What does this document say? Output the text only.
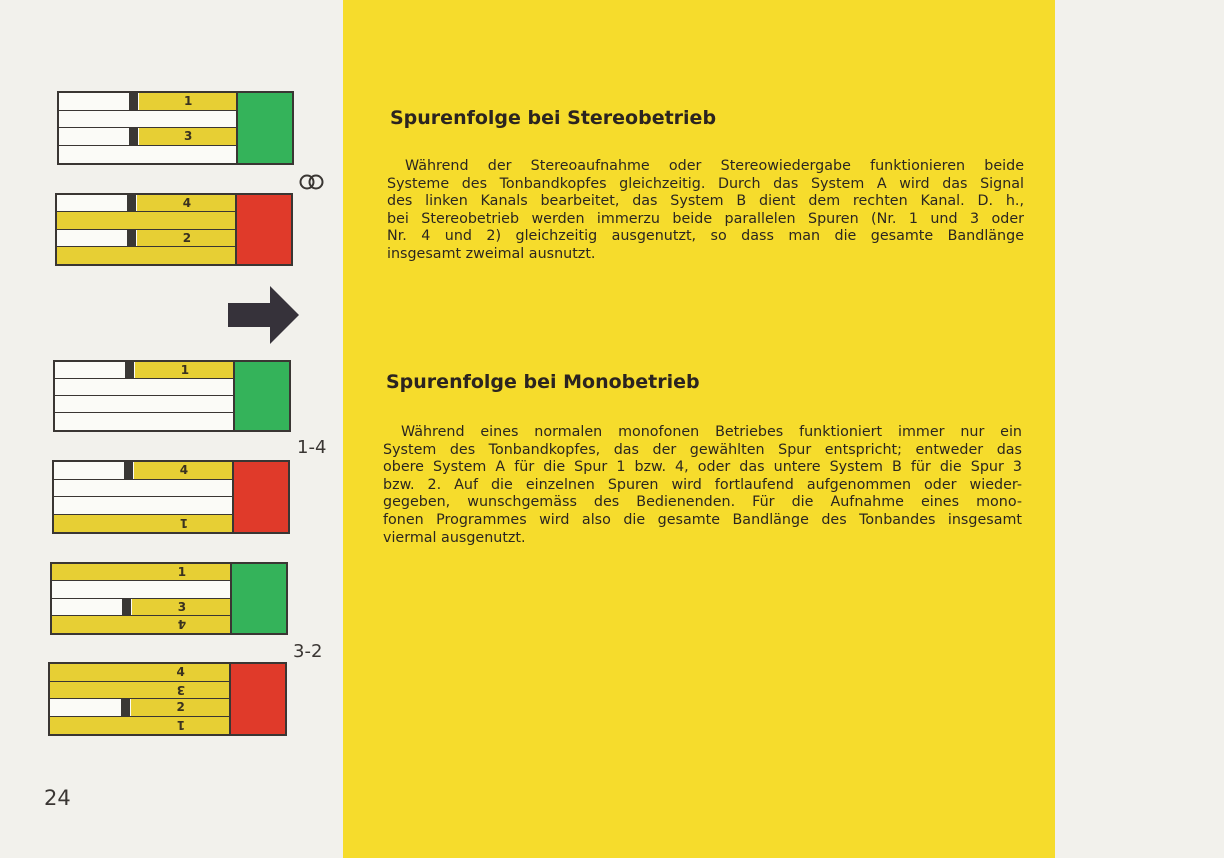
1
3
4
2
1
4
1
1
3
4
4
3
2
1
1-4
3-2
24
Spurenfolge bei Stereobetrieb
Während der Stereoaufnahme oder Stereowiedergabe funktionieren beide
Systeme des Tonbandkopfes gleichzeitig. Durch das System A wird das Signal
des linken Kanals bearbeitet, das System B dient dem rechten Kanal. D. h.,
bei Stereobetrieb werden immerzu beide parallelen Spuren (Nr. 1 und 3 oder
Nr. 4 und 2) gleichzeitig ausgenutzt, so dass man die gesamte Bandlänge
insgesamt zweimal ausnutzt.
Spurenfolge bei Monobetrieb
Während eines normalen monofonen Betriebes funktioniert immer nur ein
System des Tonbandkopfes, das der gewählten Spur entspricht; entweder das
obere System A für die Spur 1 bzw. 4, oder das untere System B für die Spur 3
bzw. 2. Auf die einzelnen Spuren wird fortlaufend aufgenommen oder wieder-
gegeben, wunschgemäss des Bedienenden. Für die Aufnahme eines mono-
fonen Programmes wird also die gesamte Bandlänge des Tonbandes insgesamt
viermal ausgenutzt.
